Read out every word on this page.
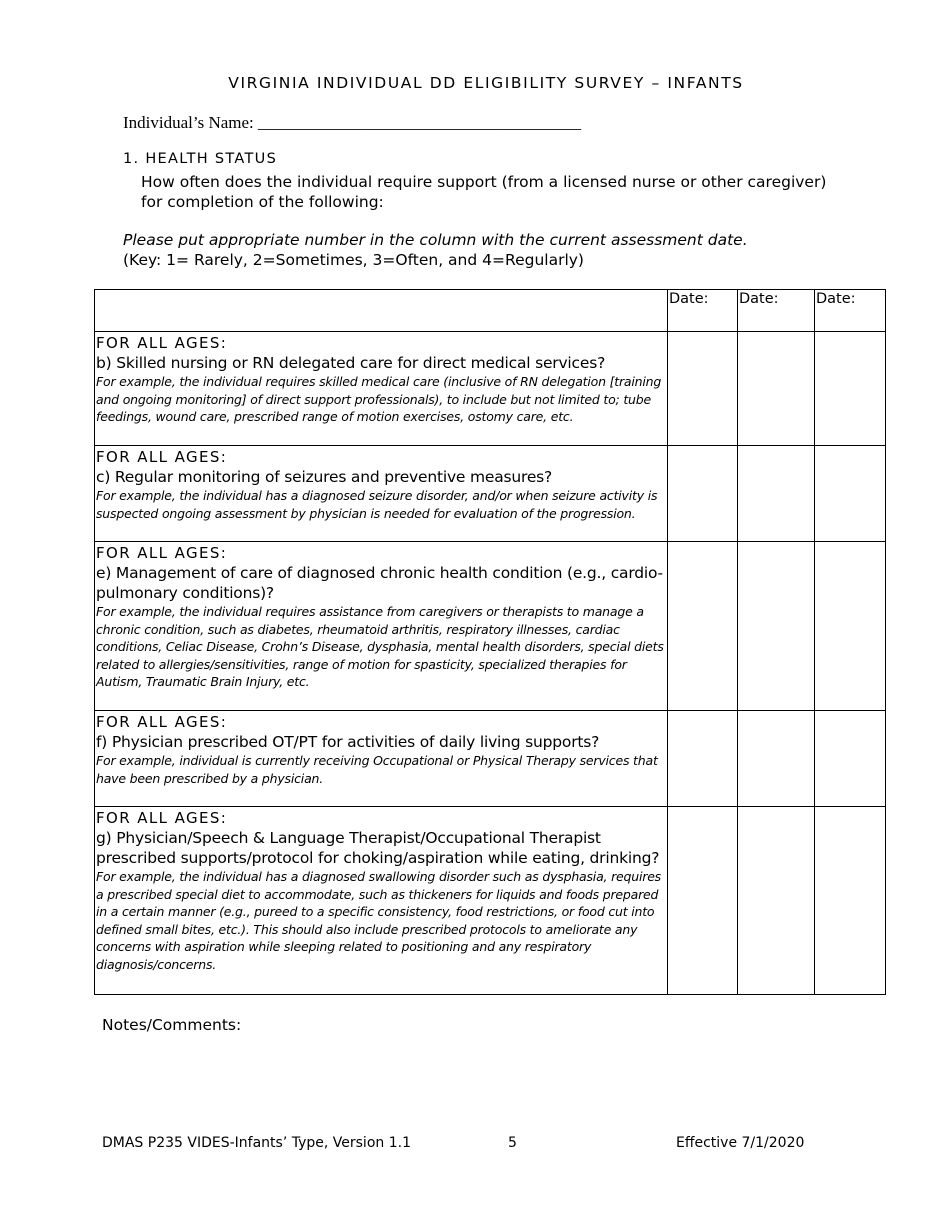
VIRGINIA INDIVIDUAL DD ELIGIBILITY SURVEY – INFANTS
Individual’s Name: ______________________________________
1. HEALTH STATUS
How often does the individual require support (from a licensed nurse or other caregiver) for completion of the following:
Please put appropriate number in the column with the current assessment date.
(Key: 1= Rarely, 2=Sometimes, 3=Often, and 4=Regularly)
	Date:	Date:	Date:

FOR ALL AGES:
b) Skilled nursing or RN delegated care for direct medical services?
For example, the individual requires skilled medical care (inclusive of RN delegation [training and ongoing monitoring] of direct support professionals), to include but not limited to; tube feedings, wound care, prescribed range of motion exercises, ostomy care, etc.			

FOR ALL AGES:
c) Regular monitoring of seizures and preventive measures?
For example, the individual has a diagnosed seizure disorder, and/or when seizure activity is suspected ongoing assessment by physician is needed for evaluation of the progression.			

FOR ALL AGES:
e) Management of care of diagnosed chronic health condition (e.g., cardio-pulmonary conditions)?
For example, the individual requires assistance from caregivers or therapists to manage a chronic condition, such as diabetes, rheumatoid arthritis, respiratory illnesses, cardiac conditions, Celiac Disease, Crohn’s Disease, dysphasia, mental health disorders, special diets related to allergies/sensitivities, range of motion for spasticity, specialized therapies for Autism, Traumatic Brain Injury, etc.			

FOR ALL AGES:
f) Physician prescribed OT/PT for activities of daily living supports?
For example, individual is currently receiving Occupational or Physical Therapy services that have been prescribed by a physician.			

FOR ALL AGES:
g) Physician/Speech & Language Therapist/Occupational Therapist prescribed supports/protocol for choking/aspiration while eating, drinking?
For example, the individual has a diagnosed swallowing disorder such as dysphasia, requires a prescribed special diet to accommodate, such as thickeners for liquids and foods prepared in a certain manner (e.g., pureed to a specific consistency, food restrictions, or food cut into defined small bites, etc.). This should also include prescribed protocols to ameliorate any concerns with aspiration while sleeping related to positioning and any respiratory diagnosis/concerns.			

Notes/Comments:
DMAS P235 VIDES-Infants’ Type, Version 1.1	5	Effective 7/1/2020
